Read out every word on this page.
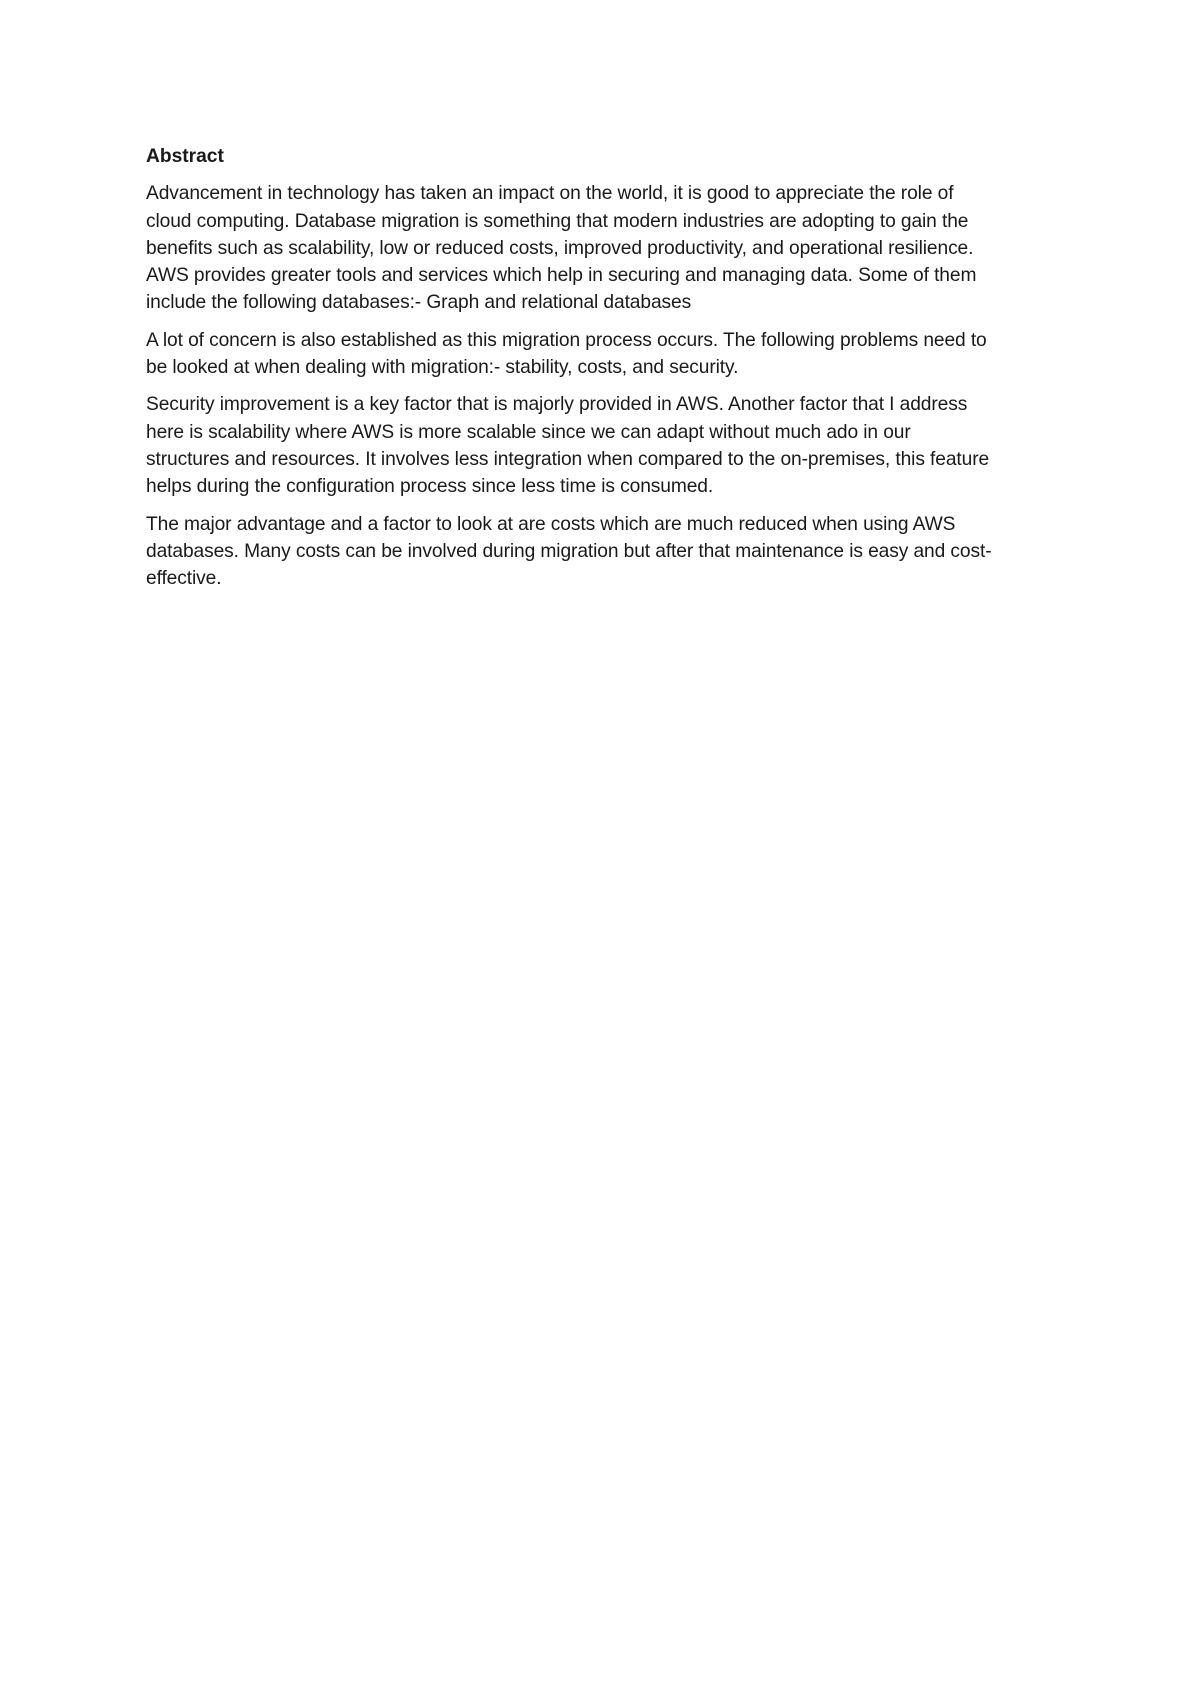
Abstract

Advancement in technology has taken an impact on the world, it is good to appreciate the role of
cloud computing. Database migration is something that modern industries are adopting to gain the
benefits such as scalability, low or reduced costs, improved productivity, and operational resilience.
AWS provides greater tools and services which help in securing and managing data. Some of them
include the following databases:- Graph and relational databases

A lot of concern is also established as this migration process occurs. The following problems need to
be looked at when dealing with migration:- stability, costs, and security.

Security improvement is a key factor that is majorly provided in AWS. Another factor that I address
here is scalability where AWS is more scalable since we can adapt without much ado in our
structures and resources. It involves less integration when compared to the on-premises, this feature
helps during the configuration process since less time is consumed.

The major advantage and a factor to look at are costs which are much reduced when using AWS
databases. Many costs can be involved during migration but after that maintenance is easy and cost-
effective.
